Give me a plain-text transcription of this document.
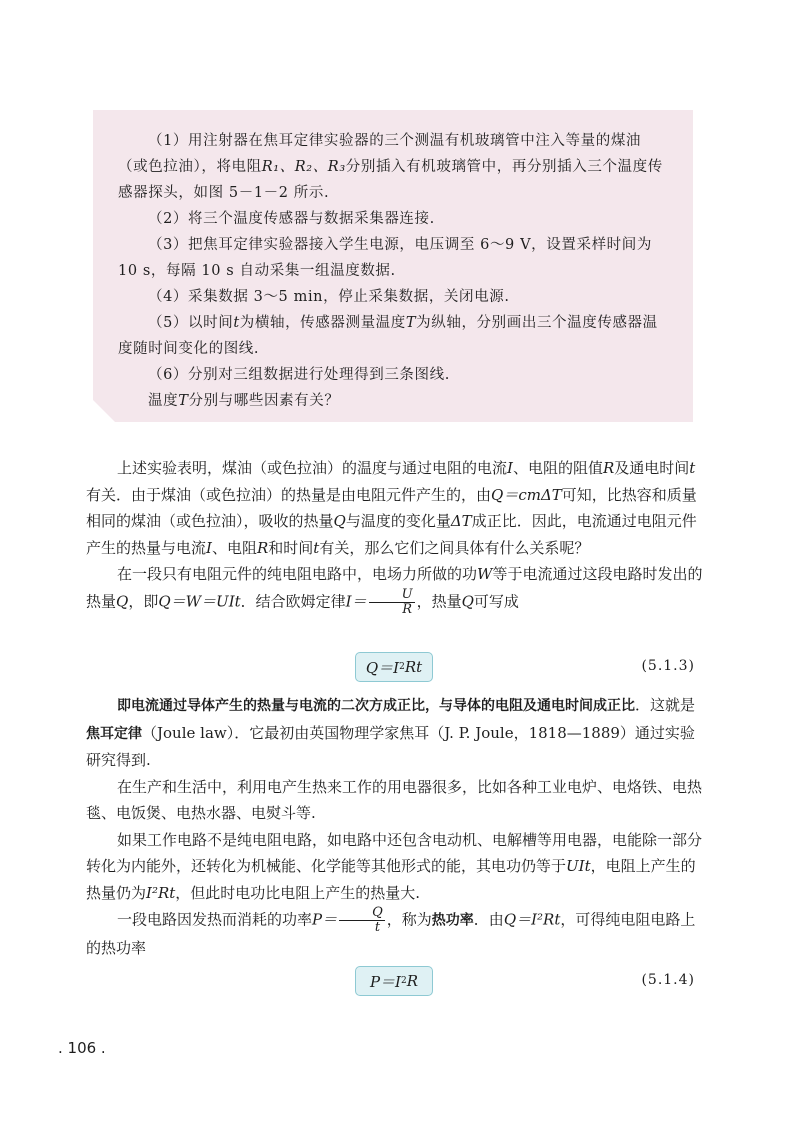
（1）用注射器在焦耳定律实验器的三个测温有机玻璃管中注入等量的煤油（或色拉油），将电阻R₁、R₂、R₃分别插入有机玻璃管中，再分别插入三个温度传感器探头，如图 5－1－2 所示.

（2）将三个温度传感器与数据采集器连接.

（3）把焦耳定律实验器接入学生电源，电压调至 6～9 V，设置采样时间为 10 s，每隔 10 s 自动采集一组温度数据.

（4）采集数据 3～5 min，停止采集数据，关闭电源.

（5）以时间t为横轴，传感器测量温度T为纵轴，分别画出三个温度传感器温度随时间变化的图线.

（6）分别对三组数据进行处理得到三条图线.

温度T分别与哪些因素有关？

上述实验表明，煤油（或色拉油）的温度与通过电阻的电流I、电阻的阻值R及通电时间t有关．由于煤油（或色拉油）的热量是由电阻元件产生的，由Q＝cmΔT可知，比热容和质量相同的煤油（或色拉油），吸收的热量Q与温度的变化量ΔT成正比．因此，电流通过电阻元件产生的热量与电流I、电阻R和时间t有关，那么它们之间具体有什么关系呢？

在一段只有电阻元件的纯电阻电路中，电场力所做的功W等于电流通过这段电路时发出的热量Q，即Q＝W＝UIt．结合欧姆定律$I= \frac{U}{R}$ ，热量Q可写成

Q＝I 2 Rt	(5.1.3)

即电流通过导体产生的热量与电流的二次方成正比，与导体的电阻及通电时间成正比．这就是焦耳定律（Joule law）．它最初由英国物理学家焦耳（J. P. Joule，1818—1889）通过实验研究得到.

在生产和生活中，利用电产生热来工作的用电器很多，比如各种工业电炉、电烙铁、电热毯、电饭煲、电热水器、电熨斗等.

如果工作电路不是纯电阻电路，如电路中还包含电动机、电解槽等用电器，电能除一部分转化为内能外，还转化为机械能、化学能等其他形式的能，其电功仍等于UIt，电阻上产生的热量仍为I²Rt，但此时电功比电阻上产生的热量大.

一段电路因发热而消耗的功率$P= \frac{Q}{t}$ ，称为热功率．由Q＝I²Rt，可得纯电阻电路上的热功率

P＝I 2 R	(5.1.4)
. 106 .
